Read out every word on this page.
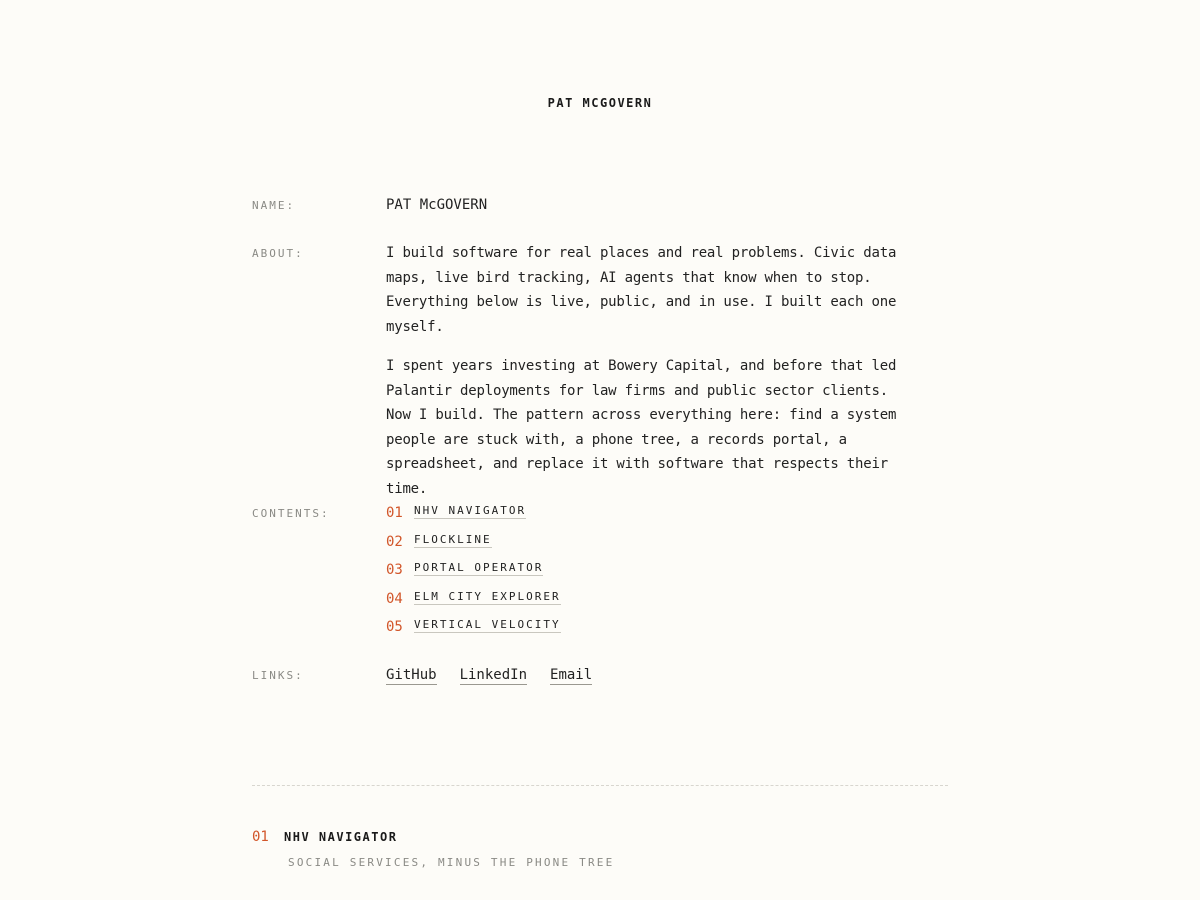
PAT MCGOVERN
NAME:	PAT McGOVERN
ABOUT:	I build software for real places and real problems. Civic data maps, live bird tracking, AI agents that know when to stop. Everything below is live, public, and in use. I built each one myself.

I spent years investing at Bowery Capital, and before that led Palantir deployments for law firms and public sector clients. Now I build. The pattern across everything here: find a system people are stuck with, a phone tree, a records portal, a spreadsheet, and replace it with software that respects their time.

CONTENTS:	01	NHV NAVIGATOR
02	FLOCKLINE
03	PORTAL OPERATOR
04	ELM CITY EXPLORER
05	VERTICAL VELOCITY
LINKS:	GitHub LinkedIn Email
01	NHV NAVIGATOR
SOCIAL SERVICES, MINUS THE PHONE TREE
